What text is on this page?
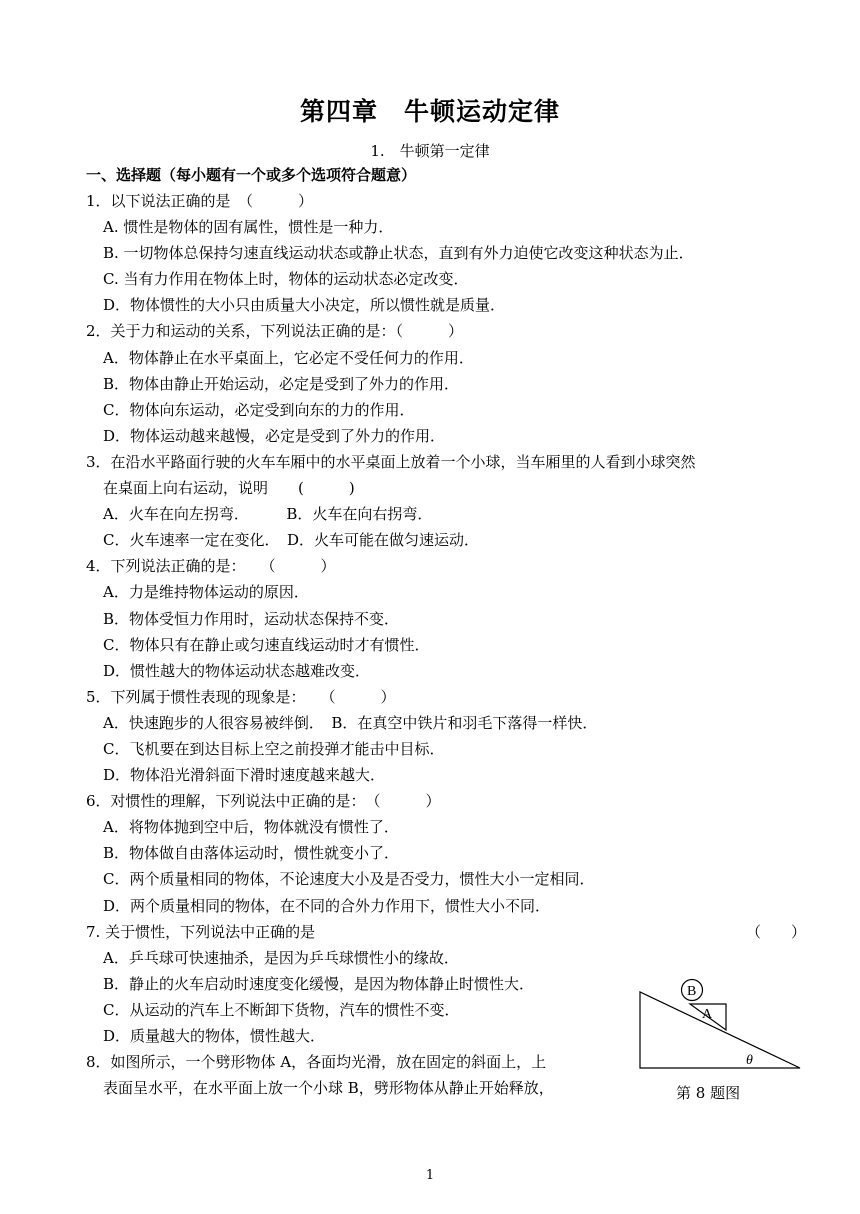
第四章　牛顿运动定律
1.　牛顿第一定律
一、选择题（每小题有一个或多个选项符合题意）
1．以下说法正确的是　（　　　）
A. 惯性是物体的固有属性，惯性是一种力．
B. 一切物体总保持匀速直线运动状态或静止状态，直到有外力迫使它改变这种状态为止．
C. 当有力作用在物体上时，物体的运动状态必定改变．
D．物体惯性的大小只由质量大小决定，所以惯性就是质量．
2．关于力和运动的关系，下列说法正确的是：（　　　）
A．物体静止在水平桌面上，它必定不受任何力的作用．
B．物体由静止开始运动，必定是受到了外力的作用．
C．物体向东运动，必定受到向东的力的作用．
D．物体运动越来越慢，必定是受到了外力的作用．
3．在沿水平路面行驶的火车车厢中的水平桌面上放着一个小球，当车厢里的人看到小球突然
在桌面上向右运动，说明　　(　　　)
A．火车在向左拐弯．　　　B．火车在向右拐弯．
C．火车速率一定在变化．　D．火车可能在做匀速运动．
4．下列说法正确的是：　　（　　　）
A．力是维持物体运动的原因．
B．物体受恒力作用时，运动状态保持不变．
C．物体只有在静止或匀速直线运动时才有惯性．
D．惯性越大的物体运动状态越难改变．
5．下列属于惯性表现的现象是：　　（　　　）
A．快速跑步的人很容易被绊倒．　B．在真空中铁片和羽毛下落得一样快．
C．飞机要在到达目标上空之前投弹才能击中目标．
D．物体沿光滑斜面下滑时速度越来越大．
6．对惯性的理解，下列说法中正确的是：　（　　　）
A．将物体抛到空中后，物体就没有惯性了．
B．物体做自由落体运动时，惯性就变小了．
C．两个质量相同的物体，不论速度大小及是否受力，惯性大小一定相同．
D．两个质量相同的物体，在不同的合外力作用下，惯性大小不同．
7. 关于惯性，下列说法中正确的是	（　　）
A．乒乓球可快速抽杀，是因为乒乓球惯性小的缘故．
B．静止的火车启动时速度变化缓慢，是因为物体静止时惯性大．
C．从运动的汽车上不断卸下货物，汽车的惯性不变．
D．质量越大的物体，惯性越大．
8．如图所示，一个劈形物体 A，各面均光滑，放在固定的斜面上，上
表面呈水平，在水平面上放一个小球 B，劈形物体从静止开始释放，
A
B
θ
第 8 题图
1
